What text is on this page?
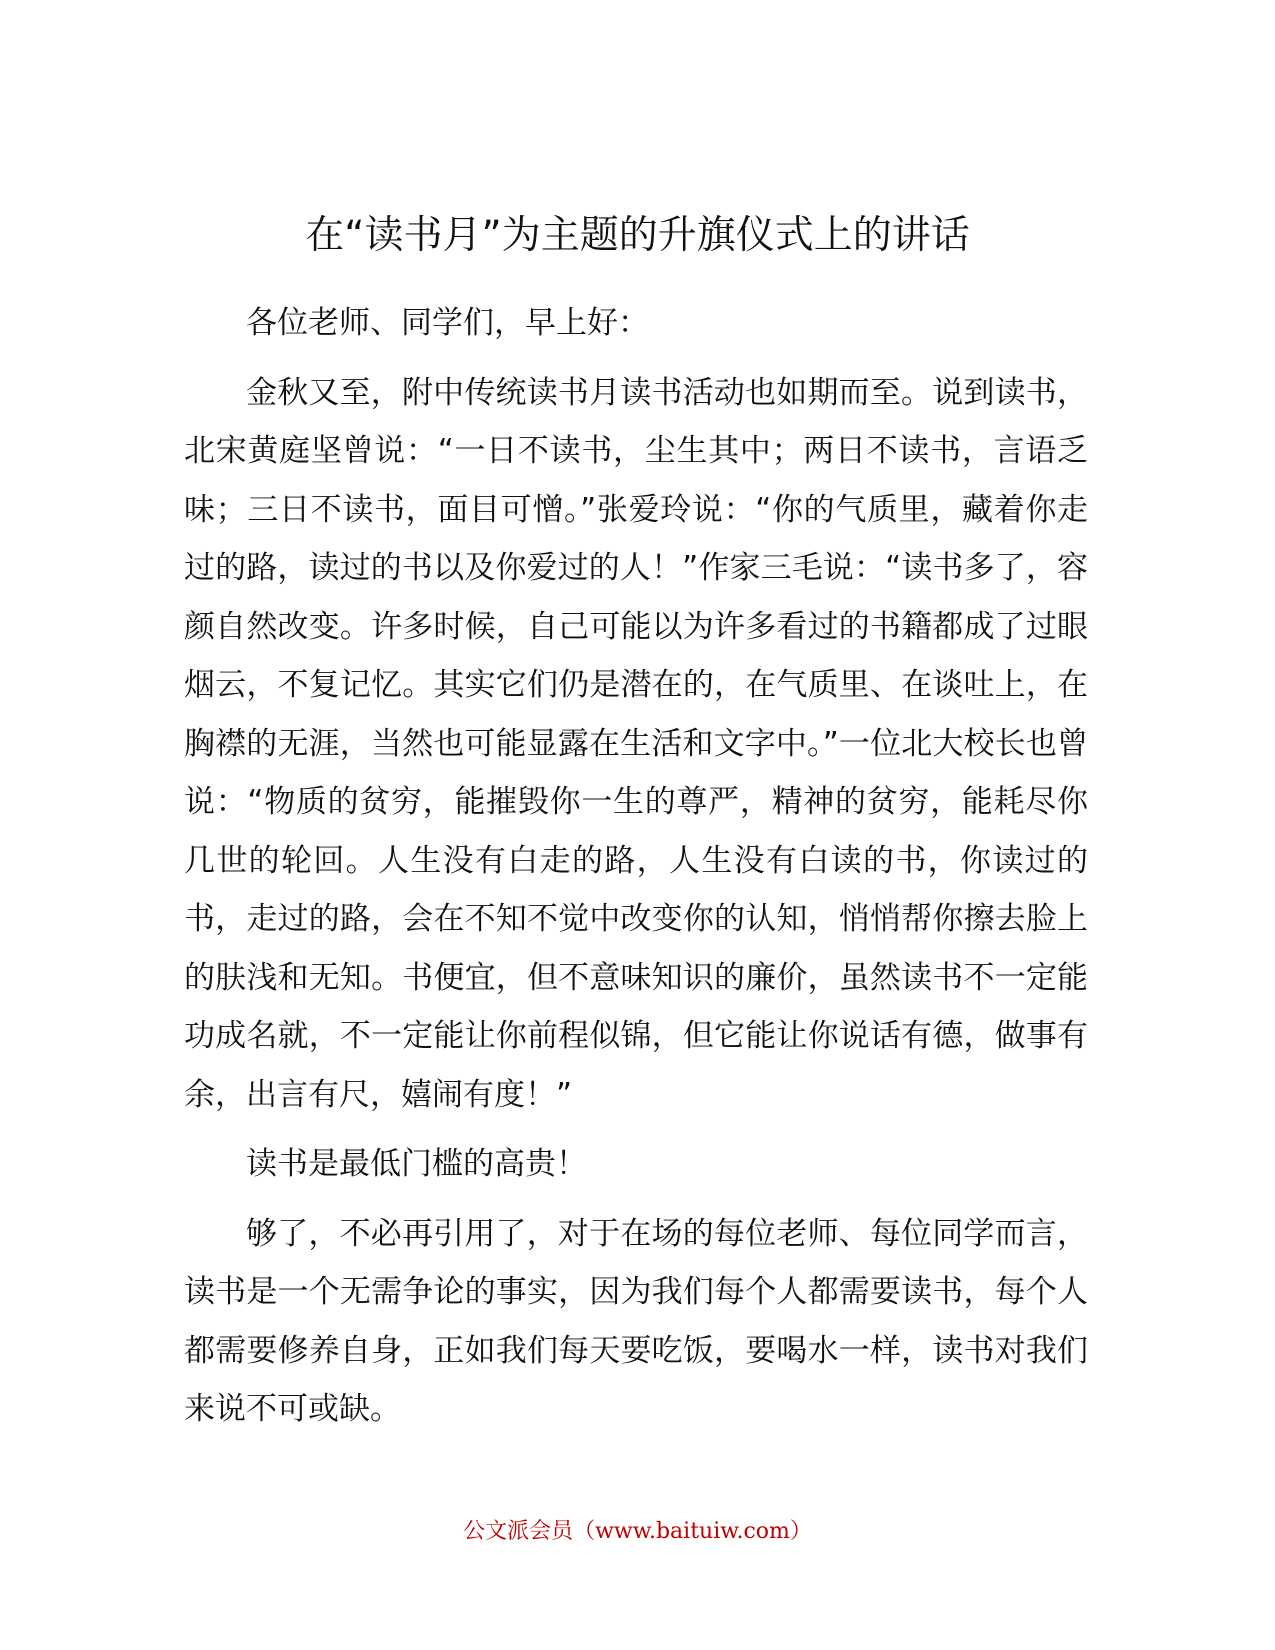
在“读书月”为主题的升旗仪式上的讲话

各位老师、同学们，早上好：

金秋又至，附中传统读书月读书活动也如期而至。说到读书，北宋黄庭坚曾说：“一日不读书，尘生其中；两日不读书，言语乏味；三日不读书，面目可憎。”张爱玲说：“你的气质里，藏着你走过的路，读过的书以及你爱过的人！”作家三毛说：“读书多了，容颜自然改变。许多时候，自己可能以为许多看过的书籍都成了过眼烟云，不复记忆。其实它们仍是潜在的，在气质里、在谈吐上，在胸襟的无涯，当然也可能显露在生活和文字中。”一位北大校长也曾说：“物质的贫穷，能摧毁你一生的尊严，精神的贫穷，能耗尽你几世的轮回。人生没有白走的路，人生没有白读的书，你读过的书，走过的路，会在不知不觉中改变你的认知，悄悄帮你擦去脸上的肤浅和无知。书便宜，但不意味知识的廉价，虽然读书不一定能功成名就，不一定能让你前程似锦，但它能让你说话有德，做事有余，出言有尺，嬉闹有度！”

读书是最低门槛的高贵！

够了，不必再引用了，对于在场的每位老师、每位同学而言，读书是一个无需争论的事实，因为我们每个人都需要读书，每个人都需要修养自身，正如我们每天要吃饭，要喝水一样，读书对我们来说不可或缺。

公文派会员（www.baituiw.com）
